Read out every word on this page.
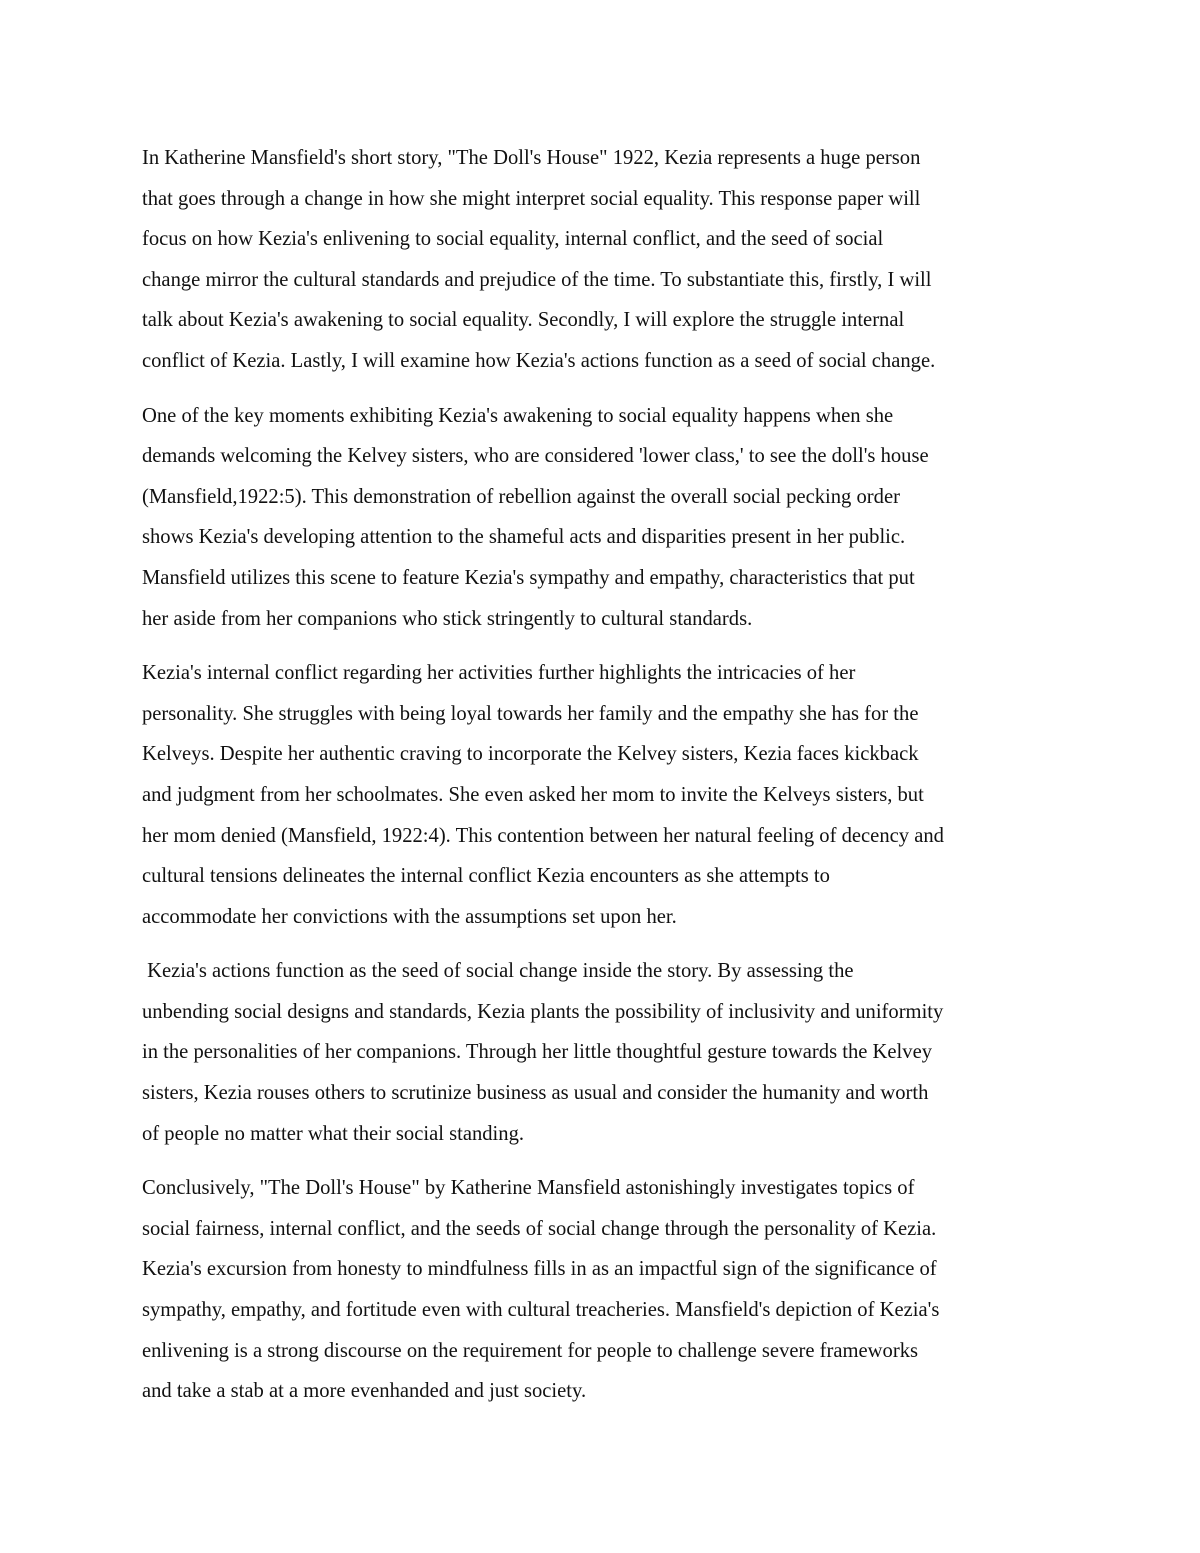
In Katherine Mansfield's short story, "The Doll's House" 1922, Kezia represents a huge person
that goes through a change in how she might interpret social equality. This response paper will
focus on how Kezia's enlivening to social equality, internal conflict, and the seed of social
change mirror the cultural standards and prejudice of the time. To substantiate this, firstly, I will
talk about Kezia's awakening to social equality. Secondly, I will explore the struggle internal
conflict of Kezia. Lastly, I will examine how Kezia's actions function as a seed of social change.

One of the key moments exhibiting Kezia's awakening to social equality happens when she
demands welcoming the Kelvey sisters, who are considered 'lower class,' to see the doll's house
(Mansfield,1922:5). This demonstration of rebellion against the overall social pecking order
shows Kezia's developing attention to the shameful acts and disparities present in her public.
Mansfield utilizes this scene to feature Kezia's sympathy and empathy, characteristics that put
her aside from her companions who stick stringently to cultural standards.

Kezia's internal conflict regarding her activities further highlights the intricacies of her
personality. She struggles with being loyal towards her family and the empathy she has for the
Kelveys. Despite her authentic craving to incorporate the Kelvey sisters, Kezia faces kickback
and judgment from her schoolmates. She even asked her mom to invite the Kelveys sisters, but
her mom denied (Mansfield, 1922:4). This contention between her natural feeling of decency and
cultural tensions delineates the internal conflict Kezia encounters as she attempts to
accommodate her convictions with the assumptions set upon her.

Kezia's actions function as the seed of social change inside the story. By assessing the
unbending social designs and standards, Kezia plants the possibility of inclusivity and uniformity
in the personalities of her companions. Through her little thoughtful gesture towards the Kelvey
sisters, Kezia rouses others to scrutinize business as usual and consider the humanity and worth
of people no matter what their social standing.

Conclusively, "The Doll's House" by Katherine Mansfield astonishingly investigates topics of
social fairness, internal conflict, and the seeds of social change through the personality of Kezia.
Kezia's excursion from honesty to mindfulness fills in as an impactful sign of the significance of
sympathy, empathy, and fortitude even with cultural treacheries. Mansfield's depiction of Kezia's
enlivening is a strong discourse on the requirement for people to challenge severe frameworks
and take a stab at a more evenhanded and just society.
